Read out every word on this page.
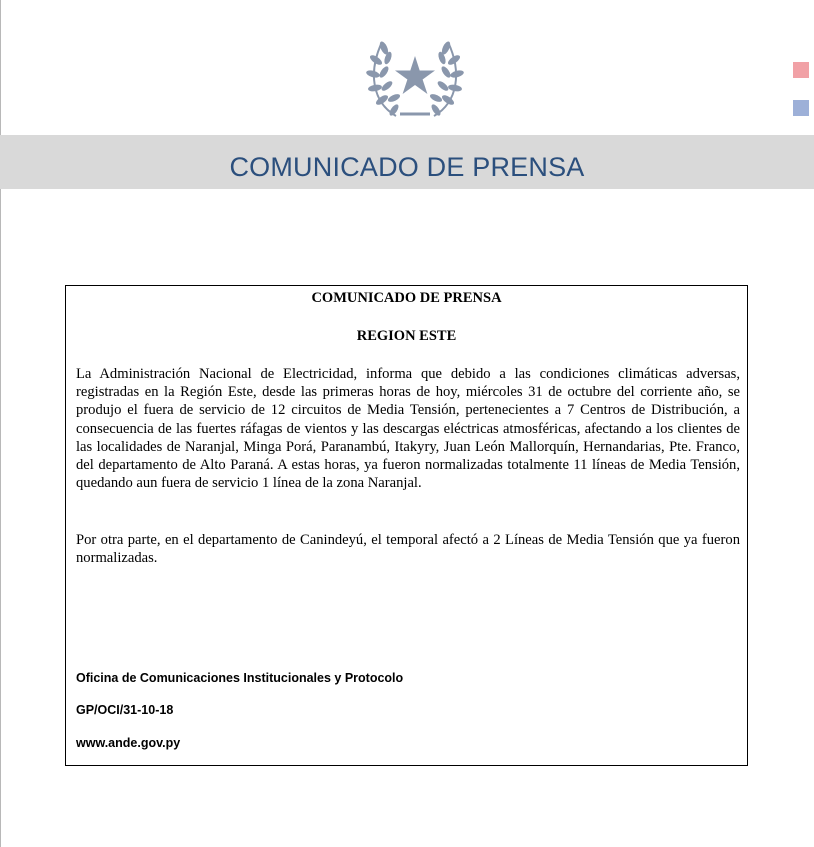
COMUNICADO DE PRENSA
COMUNICADO DE PRENSA
REGION ESTE

La Administración Nacional de Electricidad, informa que debido a las condiciones climáticas adversas, registradas en la Región Este, desde las primeras horas de hoy, miércoles 31 de octubre del corriente año, se produjo el fuera de servicio de 12 circuitos de Media Tensión, pertenecientes a 7 Centros de Distribución, a consecuencia de las fuertes ráfagas de vientos y las descargas eléctricas atmosféricas, afectando a los clientes de las localidades de Naranjal, Minga Porá, Paranambú, Itakyry, Juan León Mallorquín, Hernandarias, Pte. Franco, del departamento de Alto Paraná. A estas horas, ya fueron normalizadas totalmente 11 líneas de Media Tensión, quedando aun fuera de servicio 1 línea de la zona Naranjal.

Por otra parte, en el departamento de Canindeyú, el temporal afectó a 2 Líneas de Media Tensión que ya fueron normalizadas.

Oficina de Comunicaciones Institucionales y Protocolo

GP/OCI/31-10-18

www.ande.gov.py
